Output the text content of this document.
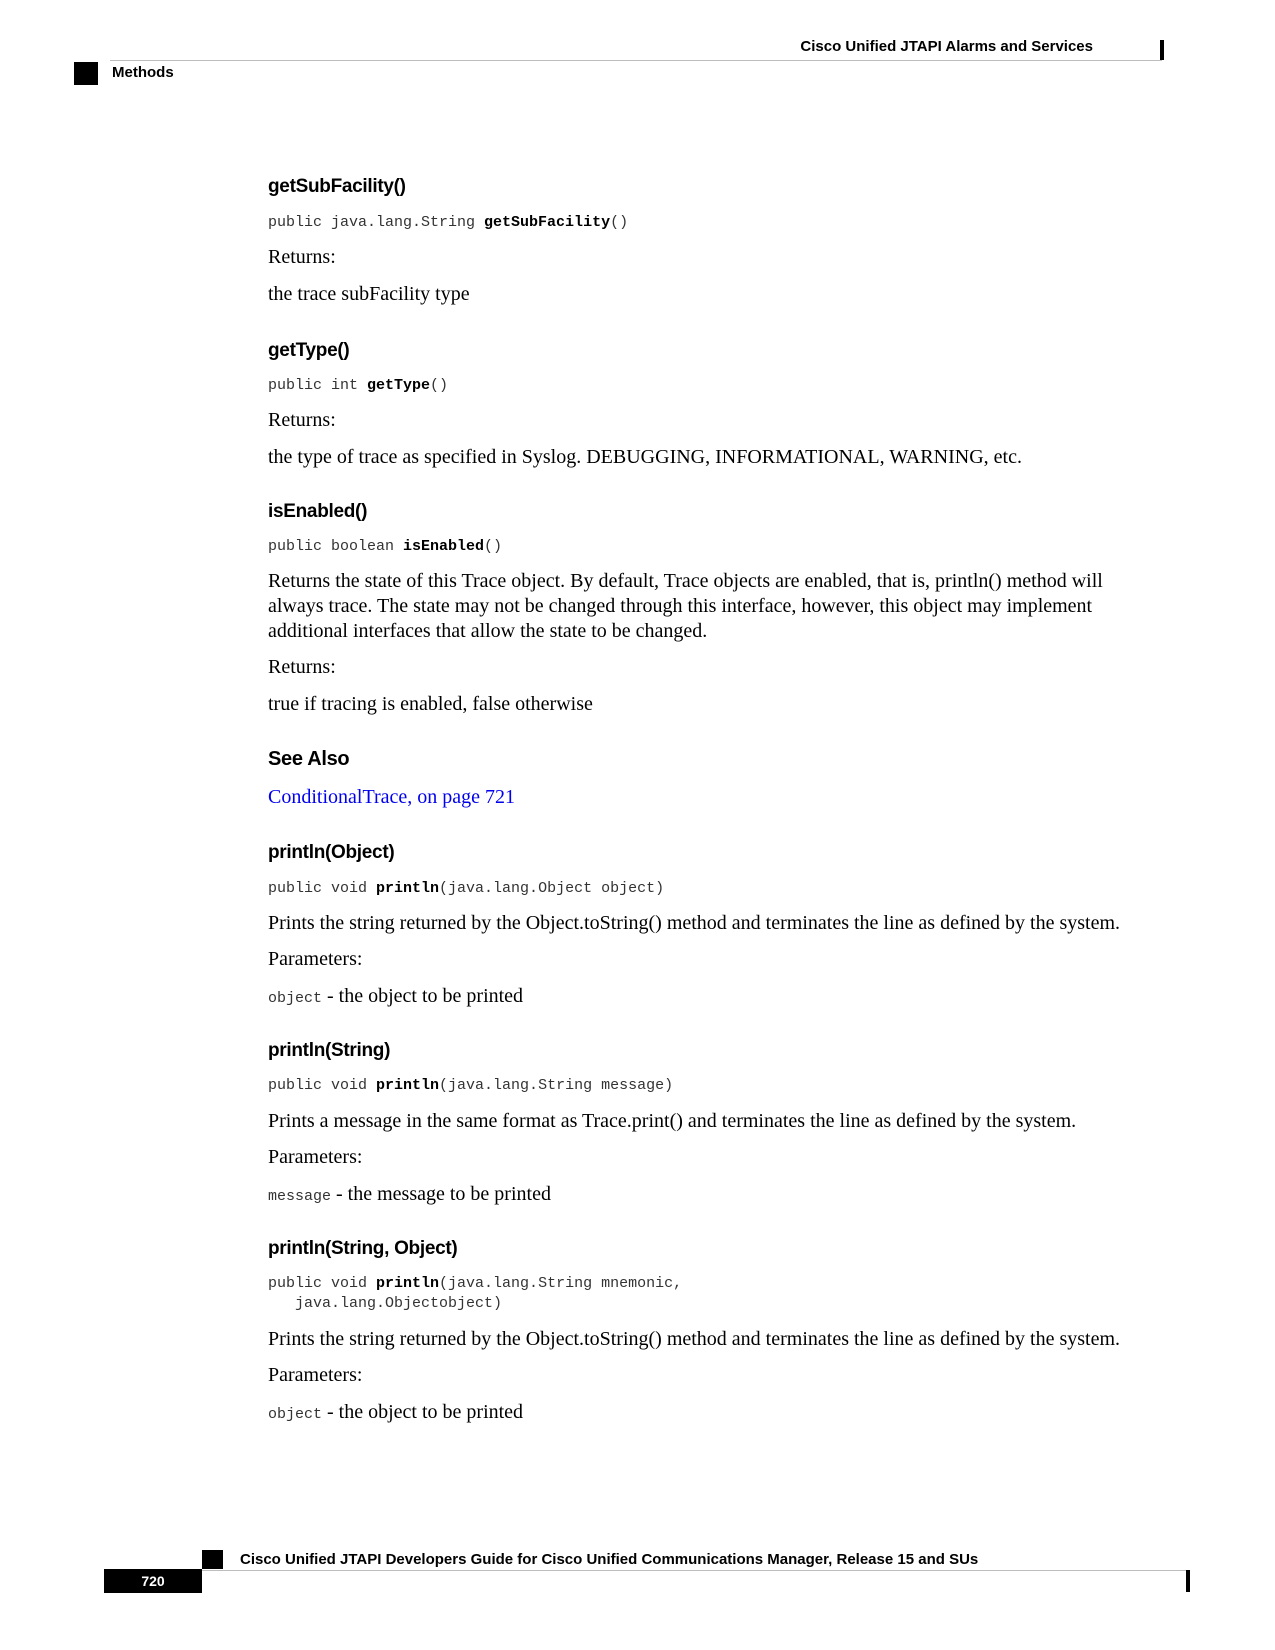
Cisco Unified JTAPI Alarms and Services
Methods
getSubFacility()
public java.lang.String getSubFacility()

Returns:

the trace subFacility type

getType()
public int getType()

Returns:

the type of trace as specified in Syslog. DEBUGGING, INFORMATIONAL, WARNING, etc.

isEnabled()
public boolean isEnabled()

Returns the state of this Trace object. By default, Trace objects are enabled, that is, println() method will always trace. The state may not be changed through this interface, however, this object may implement additional interfaces that allow the state to be changed.

Returns:

true if tracing is enabled, false otherwise

See Also

ConditionalTrace, on page 721

println(Object)
public void println(java.lang.Object object)

Prints the string returned by the Object.toString() method and terminates the line as defined by the system.

Parameters:

object - the object to be printed

println(String)
public void println(java.lang.String message)

Prints a message in the same format as Trace.print() and terminates the line as defined by the system.

Parameters:

message - the message to be printed

println(String, Object)
public void println(java.lang.String mnemonic,
java.lang.Objectobject)

Prints the string returned by the Object.toString() method and terminates the line as defined by the system.

Parameters:

object - the object to be printed

Cisco Unified JTAPI Developers Guide for Cisco Unified Communications Manager, Release 15 and SUs
720
